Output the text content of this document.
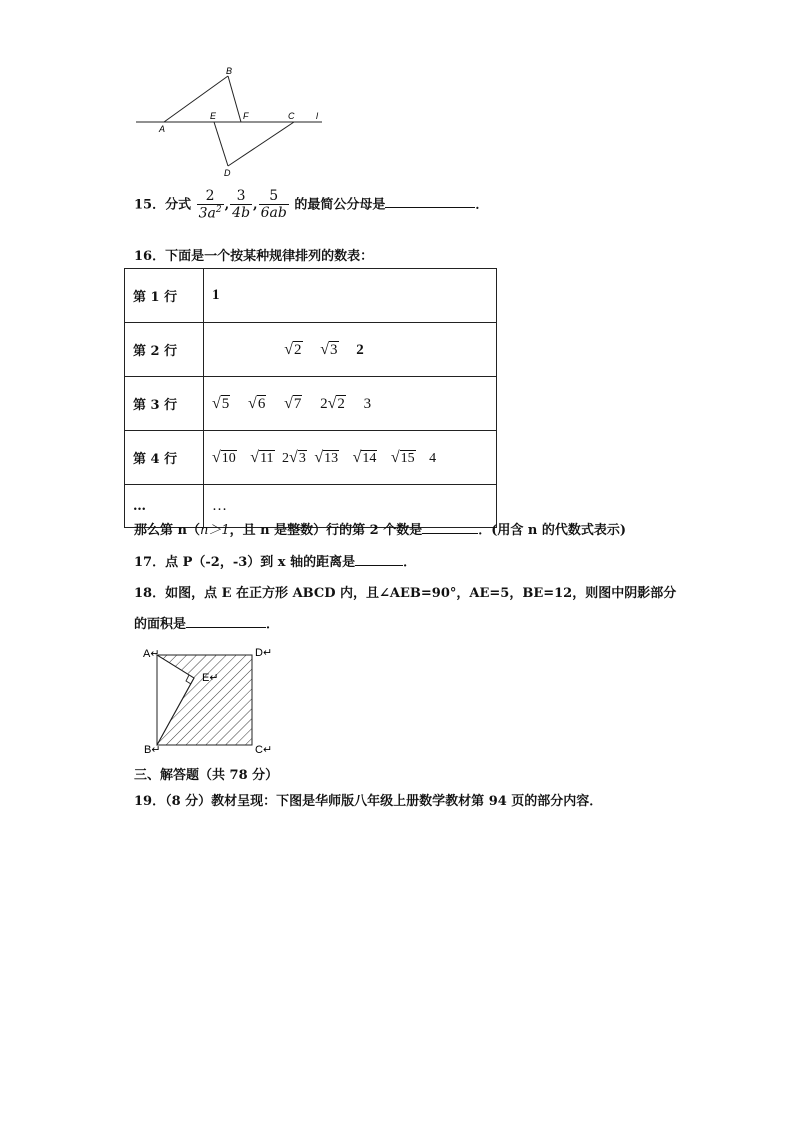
B
A
E	F	C l
D
15．分式 $\frac{2}{3a^2}$ , $\frac{3}{4b}$ , $\frac{5}{6ab}$ 的最简公分母是	．
16．下面是一个按某种规律排列的数表：
第 1 行	1
第 2 行	√2 √3 2
第 3 行	√5 √6 √7 2√2 3
第 4 行	√10 √11 2√3 √13 √14 √15 4
…	…
那么第 n（n＞1，且 n 是整数）行的第 2 个数是	．(用含 n 的代数式表示)
17．点 P（-2，-3）到 x 轴的距离是	．
18．如图，点 E 在正方形 ABCD 内，且∠AEB=90°，AE=5，BE=12，则图中阴影部分
的面积是	．
A↵	D↵
E↵
B↵	C↵
三、解答题（共 78 分）
19．（8 分）教材呈现：下图是华师版八年级上册数学教材第 94 页的部分内容．
